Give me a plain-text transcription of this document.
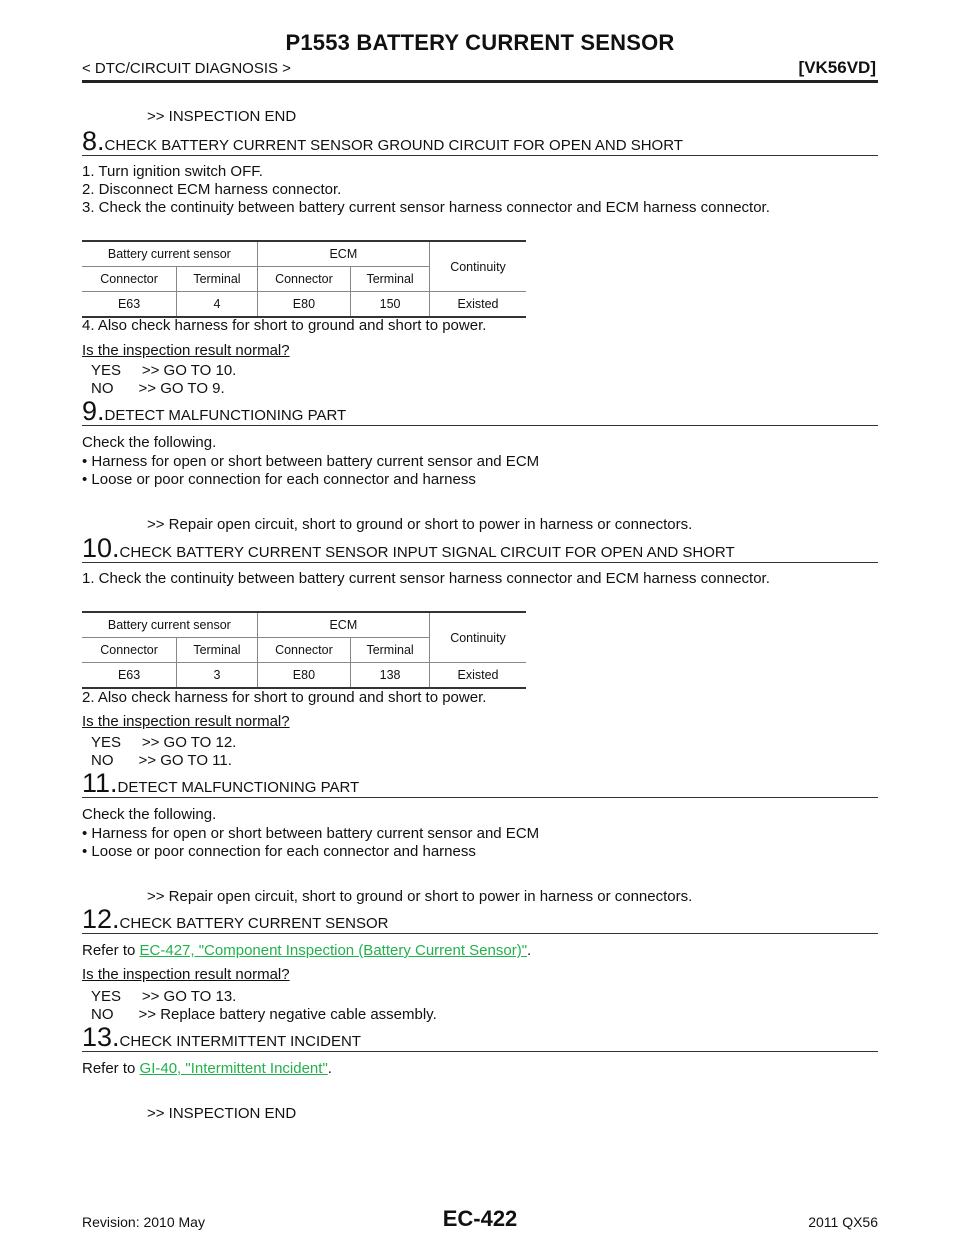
P1553 BATTERY CURRENT SENSOR
< DTC/CIRCUIT DIAGNOSIS >	[VK56VD]
>> INSPECTION END
8. CHECK BATTERY CURRENT SENSOR GROUND CIRCUIT FOR OPEN AND SHORT
1. Turn ignition switch OFF.
2. Disconnect ECM harness connector.
3. Check the continuity between battery current sensor harness connector and ECM harness connector.
Battery current sensor		ECM		Continuity
Connector	Terminal	Connector	Terminal	
E63	4	E80	150	Existed
4. Also check harness for short to ground and short to power.
Is the inspection result normal?
YES     >> GO TO 10.
NO      >> GO TO 9.
9. DETECT MALFUNCTIONING PART
Check the following.
• Harness for open or short between battery current sensor and ECM
• Loose or poor connection for each connector and harness
>> Repair open circuit, short to ground or short to power in harness or connectors.
10. CHECK BATTERY CURRENT SENSOR INPUT SIGNAL CIRCUIT FOR OPEN AND SHORT
1. Check the continuity between battery current sensor harness connector and ECM harness connector.
Battery current sensor		ECM		Continuity
Connector	Terminal	Connector	Terminal	
E63	3	E80	138	Existed
2. Also check harness for short to ground and short to power.
Is the inspection result normal?
YES     >> GO TO 12.
NO      >> GO TO 11.
11. DETECT MALFUNCTIONING PART
Check the following.
• Harness for open or short between battery current sensor and ECM
• Loose or poor connection for each connector and harness
>> Repair open circuit, short to ground or short to power in harness or connectors.
12. CHECK BATTERY CURRENT SENSOR
Refer to EC-427, "Component Inspection (Battery Current Sensor)".
Is the inspection result normal?
YES     >> GO TO 13.
NO      >> Replace battery negative cable assembly.
13. CHECK INTERMITTENT INCIDENT
Refer to GI-40, "Intermittent Incident".
>> INSPECTION END
Revision: 2010 May	EC-422	2011 QX56
